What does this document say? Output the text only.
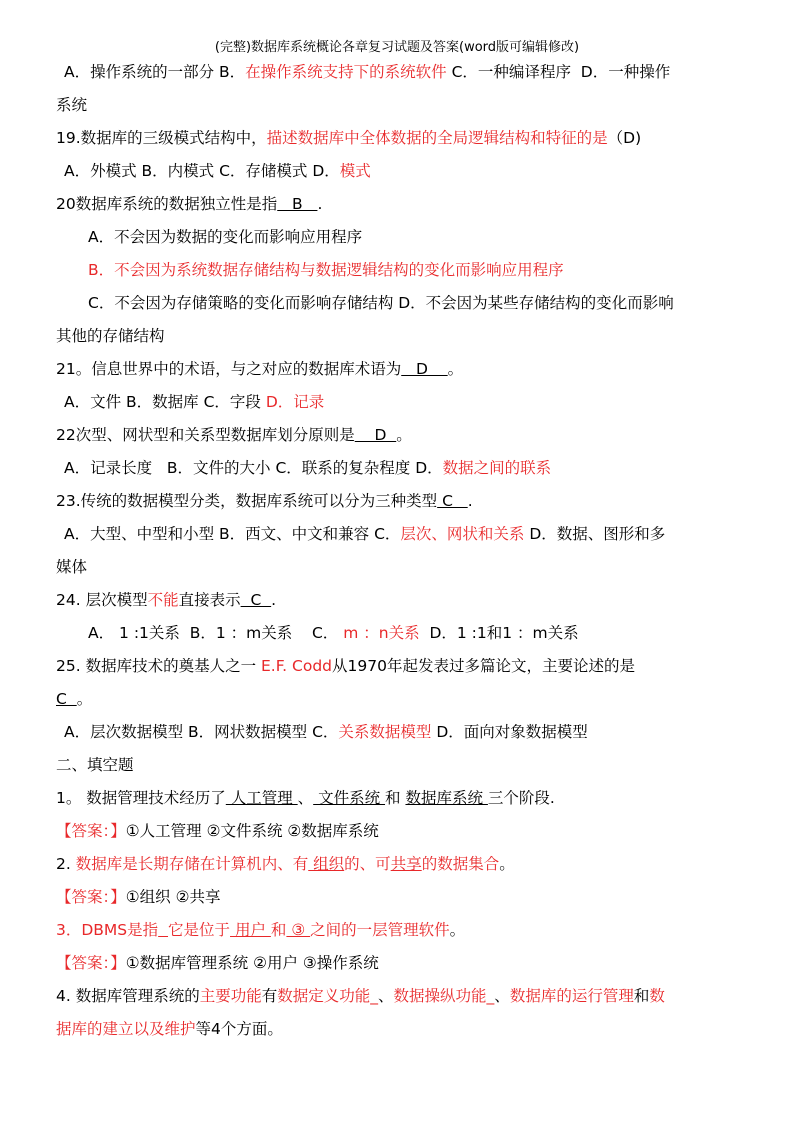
(完整)数据库系统概论各章复习试题及答案(word版可编辑修改)
A．操作系统的一部分 B．在操作系统支持下的系统软件 C．一种编译程序  D．一种操作
系统
19.数据库的三级模式结构中，描述数据库中全体数据的全局逻辑结构和特征的是（D)
A．外模式 B．内模式 C．存储模式 D．模式
20数据库系统的数据独立性是指   B   .
A．不会因为数据的变化而影响应用程序
B．不会因为系统数据存储结构与数据逻辑结构的变化而影响应用程序
C．不会因为存储策略的变化而影响存储结构 D．不会因为某些存储结构的变化而影响
其他的存储结构
21。信息世界中的术语，与之对应的数据库术语为   D    。
A．文件 B．数据库 C．字段 D．记录
22次型、网状型和关系型数据库划分原则是    D  。
A．记录长度   B．文件的大小 C．联系的复杂程度 D．数据之间的联系
23.传统的数据模型分类，数据库系统可以分为三种类型 C   .
A．大型、中型和小型 B．西文、中文和兼容 C．层次、网状和关系 D．数据、图形和多
媒体
24. 层次模型不能直接表示  C  .
A． 1 :1关系  B．1 ：m关系    C． m ：n关系  D．1 :1和1 ：m关系
25. 数据库技术的奠基人之一 E.F. Codd从1970年起发表过多篇论文，主要论述的是
C  。
A．层次数据模型 B．网状数据模型 C．关系数据模型 D．面向对象数据模型
二、填空题
1。 数据管理技术经历了 人工管理 、 文件系统 和 数据库系统 三个阶段.
【答案：】①人工管理 ②文件系统 ②数据库系统
2. 数据库是长期存储在计算机内、有 组织的、可共享的数据集合。
【答案：】①组织 ②共享
3．DBMS是指 它是位于 用户 和 ③ 之间的一层管理软件。
【答案：】①数据库管理系统 ②用户 ③操作系统
4. 数据库管理系统的主要功能有数据定义功能_、数据操纵功能_、数据库的运行管理和数
据库的建立以及维护等4个方面。
